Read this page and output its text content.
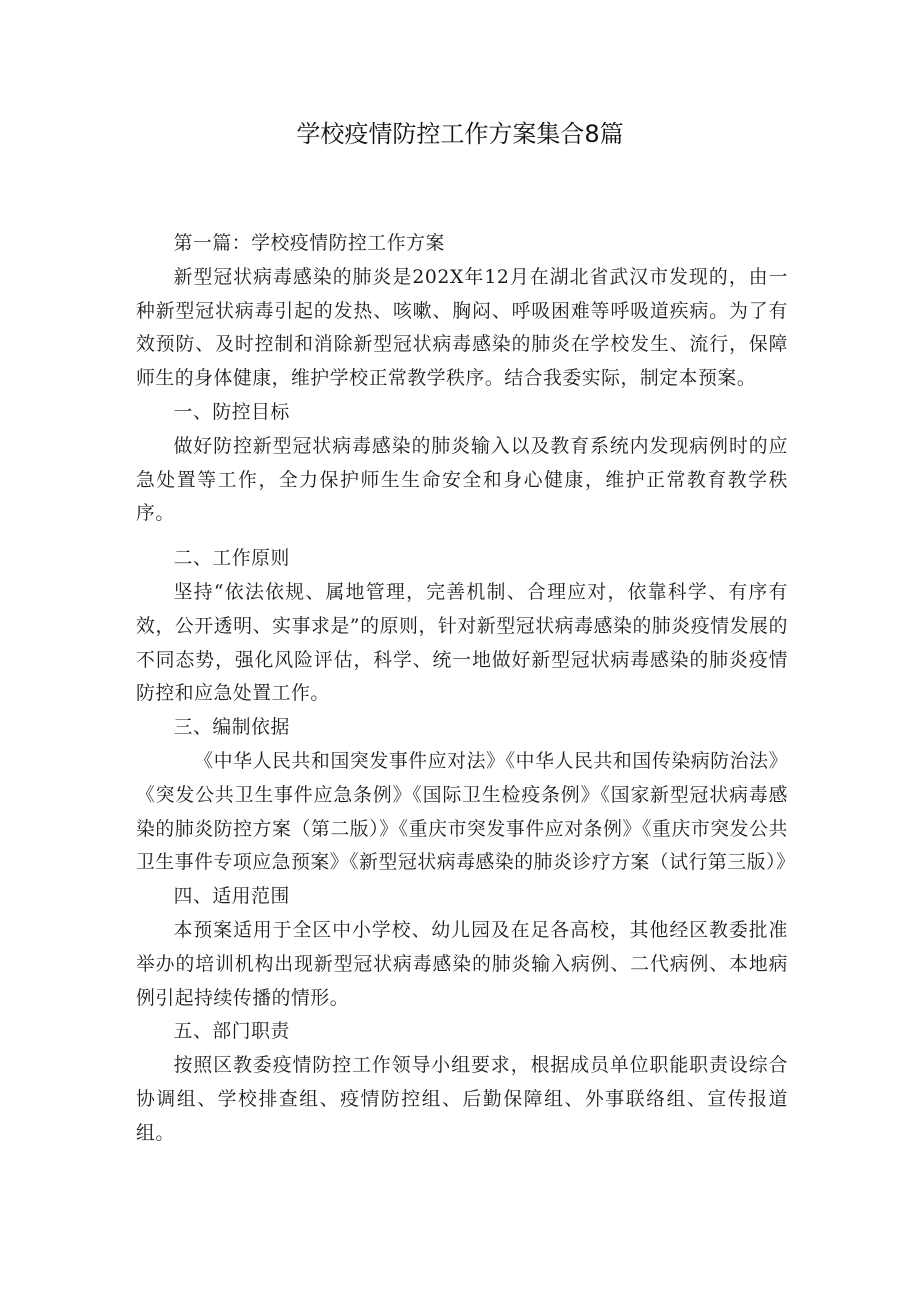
学校疫情防控工作方案集合8篇

第一篇：学校疫情防控工作方案

新型冠状病毒感染的肺炎是202X年12月在湖北省武汉市发现的，由一种新型冠状病毒引起的发热、咳嗽、胸闷、呼吸困难等呼吸道疾病。为了有效预防、及时控制和消除新型冠状病毒感染的肺炎在学校发生、流行，保障师生的身体健康，维护学校正常教学秩序。结合我委实际，制定本预案。

一、防控目标

做好防控新型冠状病毒感染的肺炎输入以及教育系统内发现病例时的应急处置等工作，全力保护师生生命安全和身心健康，维护正常教育教学秩序。

二、工作原则

坚持“依法依规、属地管理，完善机制、合理应对，依靠科学、有序有效，公开透明、实事求是”的原则，针对新型冠状病毒感染的肺炎疫情发展的不同态势，强化风险评估，科学、统一地做好新型冠状病毒感染的肺炎疫情防控和应急处置工作。

三、编制依据

《中华人民共和国突发事件应对法》《中华人民共和国传染病防治法》《突发公共卫生事件应急条例》《国际卫生检疫条例》《国家新型冠状病毒感染的肺炎防控方案（第二版）》《重庆市突发事件应对条例》《重庆市突发公共卫生事件专项应急预案》《新型冠状病毒感染的肺炎诊疗方案（试行第三版）》

四、适用范围

本预案适用于全区中小学校、幼儿园及在足各高校，其他经区教委批准举办的培训机构出现新型冠状病毒感染的肺炎输入病例、二代病例、本地病例引起持续传播的情形。

五、部门职责

按照区教委疫情防控工作领导小组要求，根据成员单位职能职责设综合协调组、学校排查组、疫情防控组、后勤保障组、外事联络组、宣传报道组。
